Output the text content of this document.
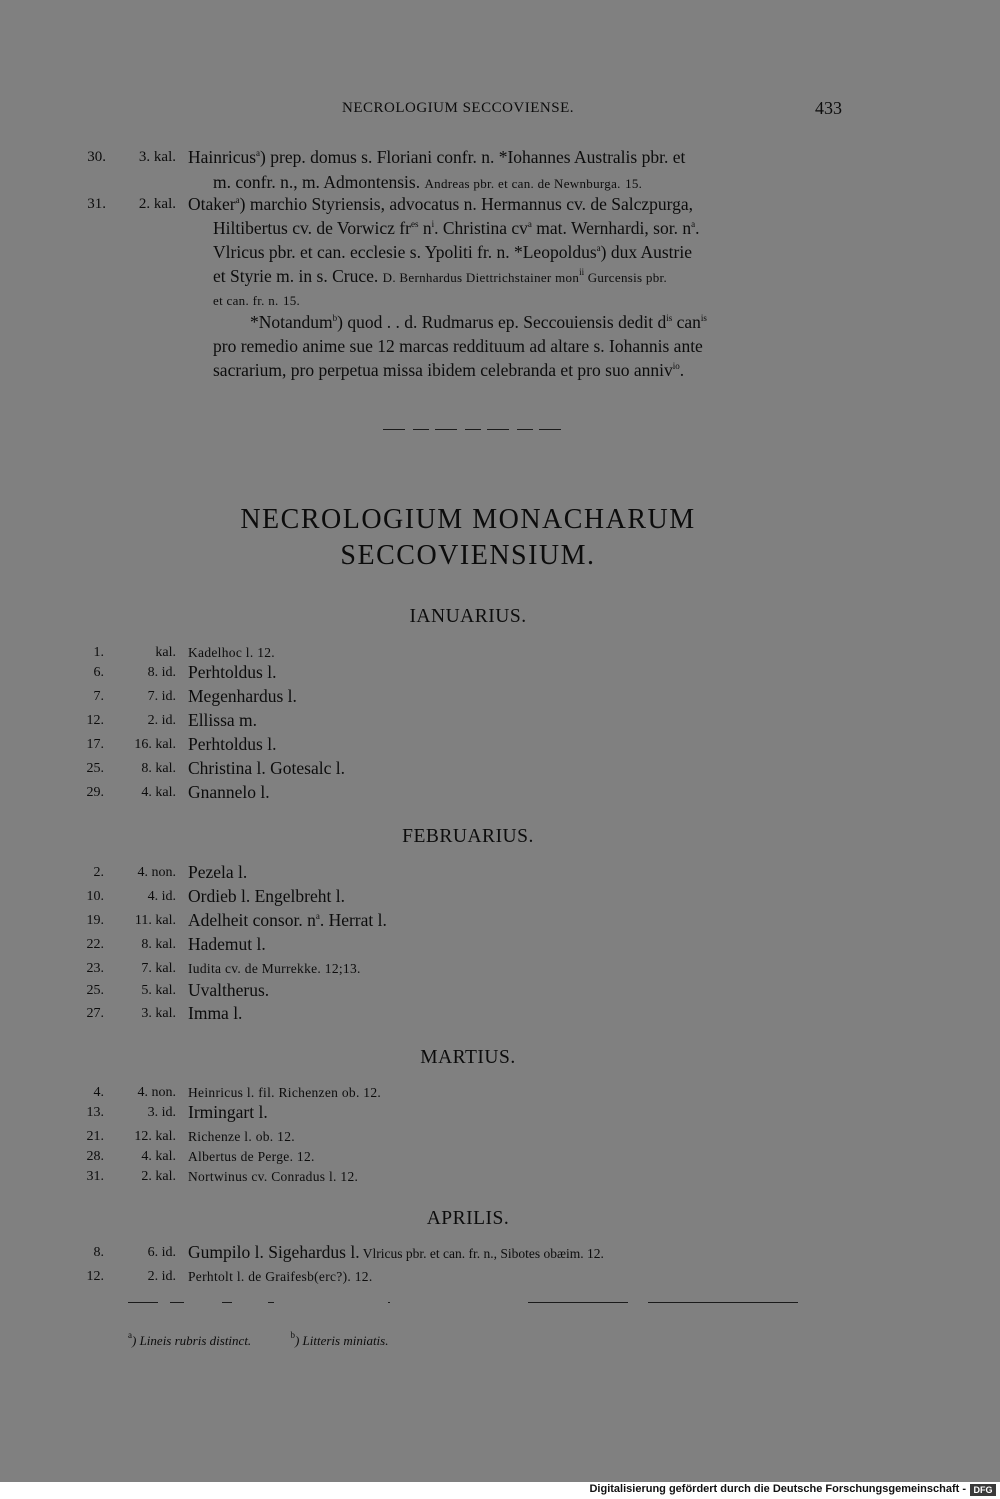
NECROLOGIUM SECCOVIENSE.	433
30.	3. kal. Hainricus$^a$) prep. domus s. Floriani confr. n. *Iohannes Australis pbr. et
m. confr. n., m. Admontensis. Andreas pbr. et can. de Newnburga. 15.
31.	2. kal. Otaker$^a$) marchio Styriensis, advocatus n. Hermannus cv. de Salczpurga,
Hiltibertus cv. de Vorwicz $fr^{es}$ $n^i$. Christina $cv^a$ mat. Wernhardi, sor. $n^a$.
Vlricus pbr. et can. ecclesie s. Ypoliti fr. n. *Leopoldus$^a$) dux Austrie
et Styrie m. in s. Cruce. D. Bernhardus Diettrichstainer mon$^{ii}$ Gurcensis pbr.
et can. fr. n. 15.
*Notandum$^b$) quod . . d. Rudmarus ep. Seccouiensis dedit $d^{is}$ can$^{is}$
pro remedio anime sue 12 marcas reddituum ad altare s. Iohannis ante
sacrarium, pro perpetua missa ibidem celebranda et pro suo anniv$^{io}$.
NECROLOGIUM MONACHARUM
SECCOVIENSIUM.
IANUARIUS.
1.	kal. Kadelhoc l. 12.
6.	8. id. Perhtoldus l.
7.	7. id. Megenhardus l.
12.	2. id. Ellissa m.
17.	16. kal. Perhtoldus l.
25.	8. kal. Christina l. Gotesalc l.
29.	4. kal. Gnannelo l.
FEBRUARIUS.
2.	4. non. Pezela l.
10.	4. id. Ordieb l. Engelbreht l.
19.	11. kal. Adelheit consor. $n^a$. Herrat l.
22.	8. kal. Hademut l.
23.	7. kal. Iudita cv. de Murrekke. 12;13.
25.	5. kal. Uvaltherus.
27.	3. kal. Imma l.
MARTIUS.
4.	4. non. Heinricus l. fil. Richenzen ob. 12.
13.	3. id. Irmingart l.
21.	12. kal. Richenze l. ob. 12.
28.	4. kal. Albertus de Perge. 12.
31.	2. kal. Nortwinus cv. Conradus l. 12.
APRILIS.
8.	6. id. Gumpilo l. Sigehardus l. Vlricus pbr. et can. fr. n., Sibotes obæim. 12.
12.	2. id. Perhtolt l. de Graifesb(erc?). 12.
$^a$) Lineis rubris distinct.	$^b$) Litteris miniatis.
Digitalisierung gefördert durch die Deutsche Forschungsgemeinschaft - DFG
